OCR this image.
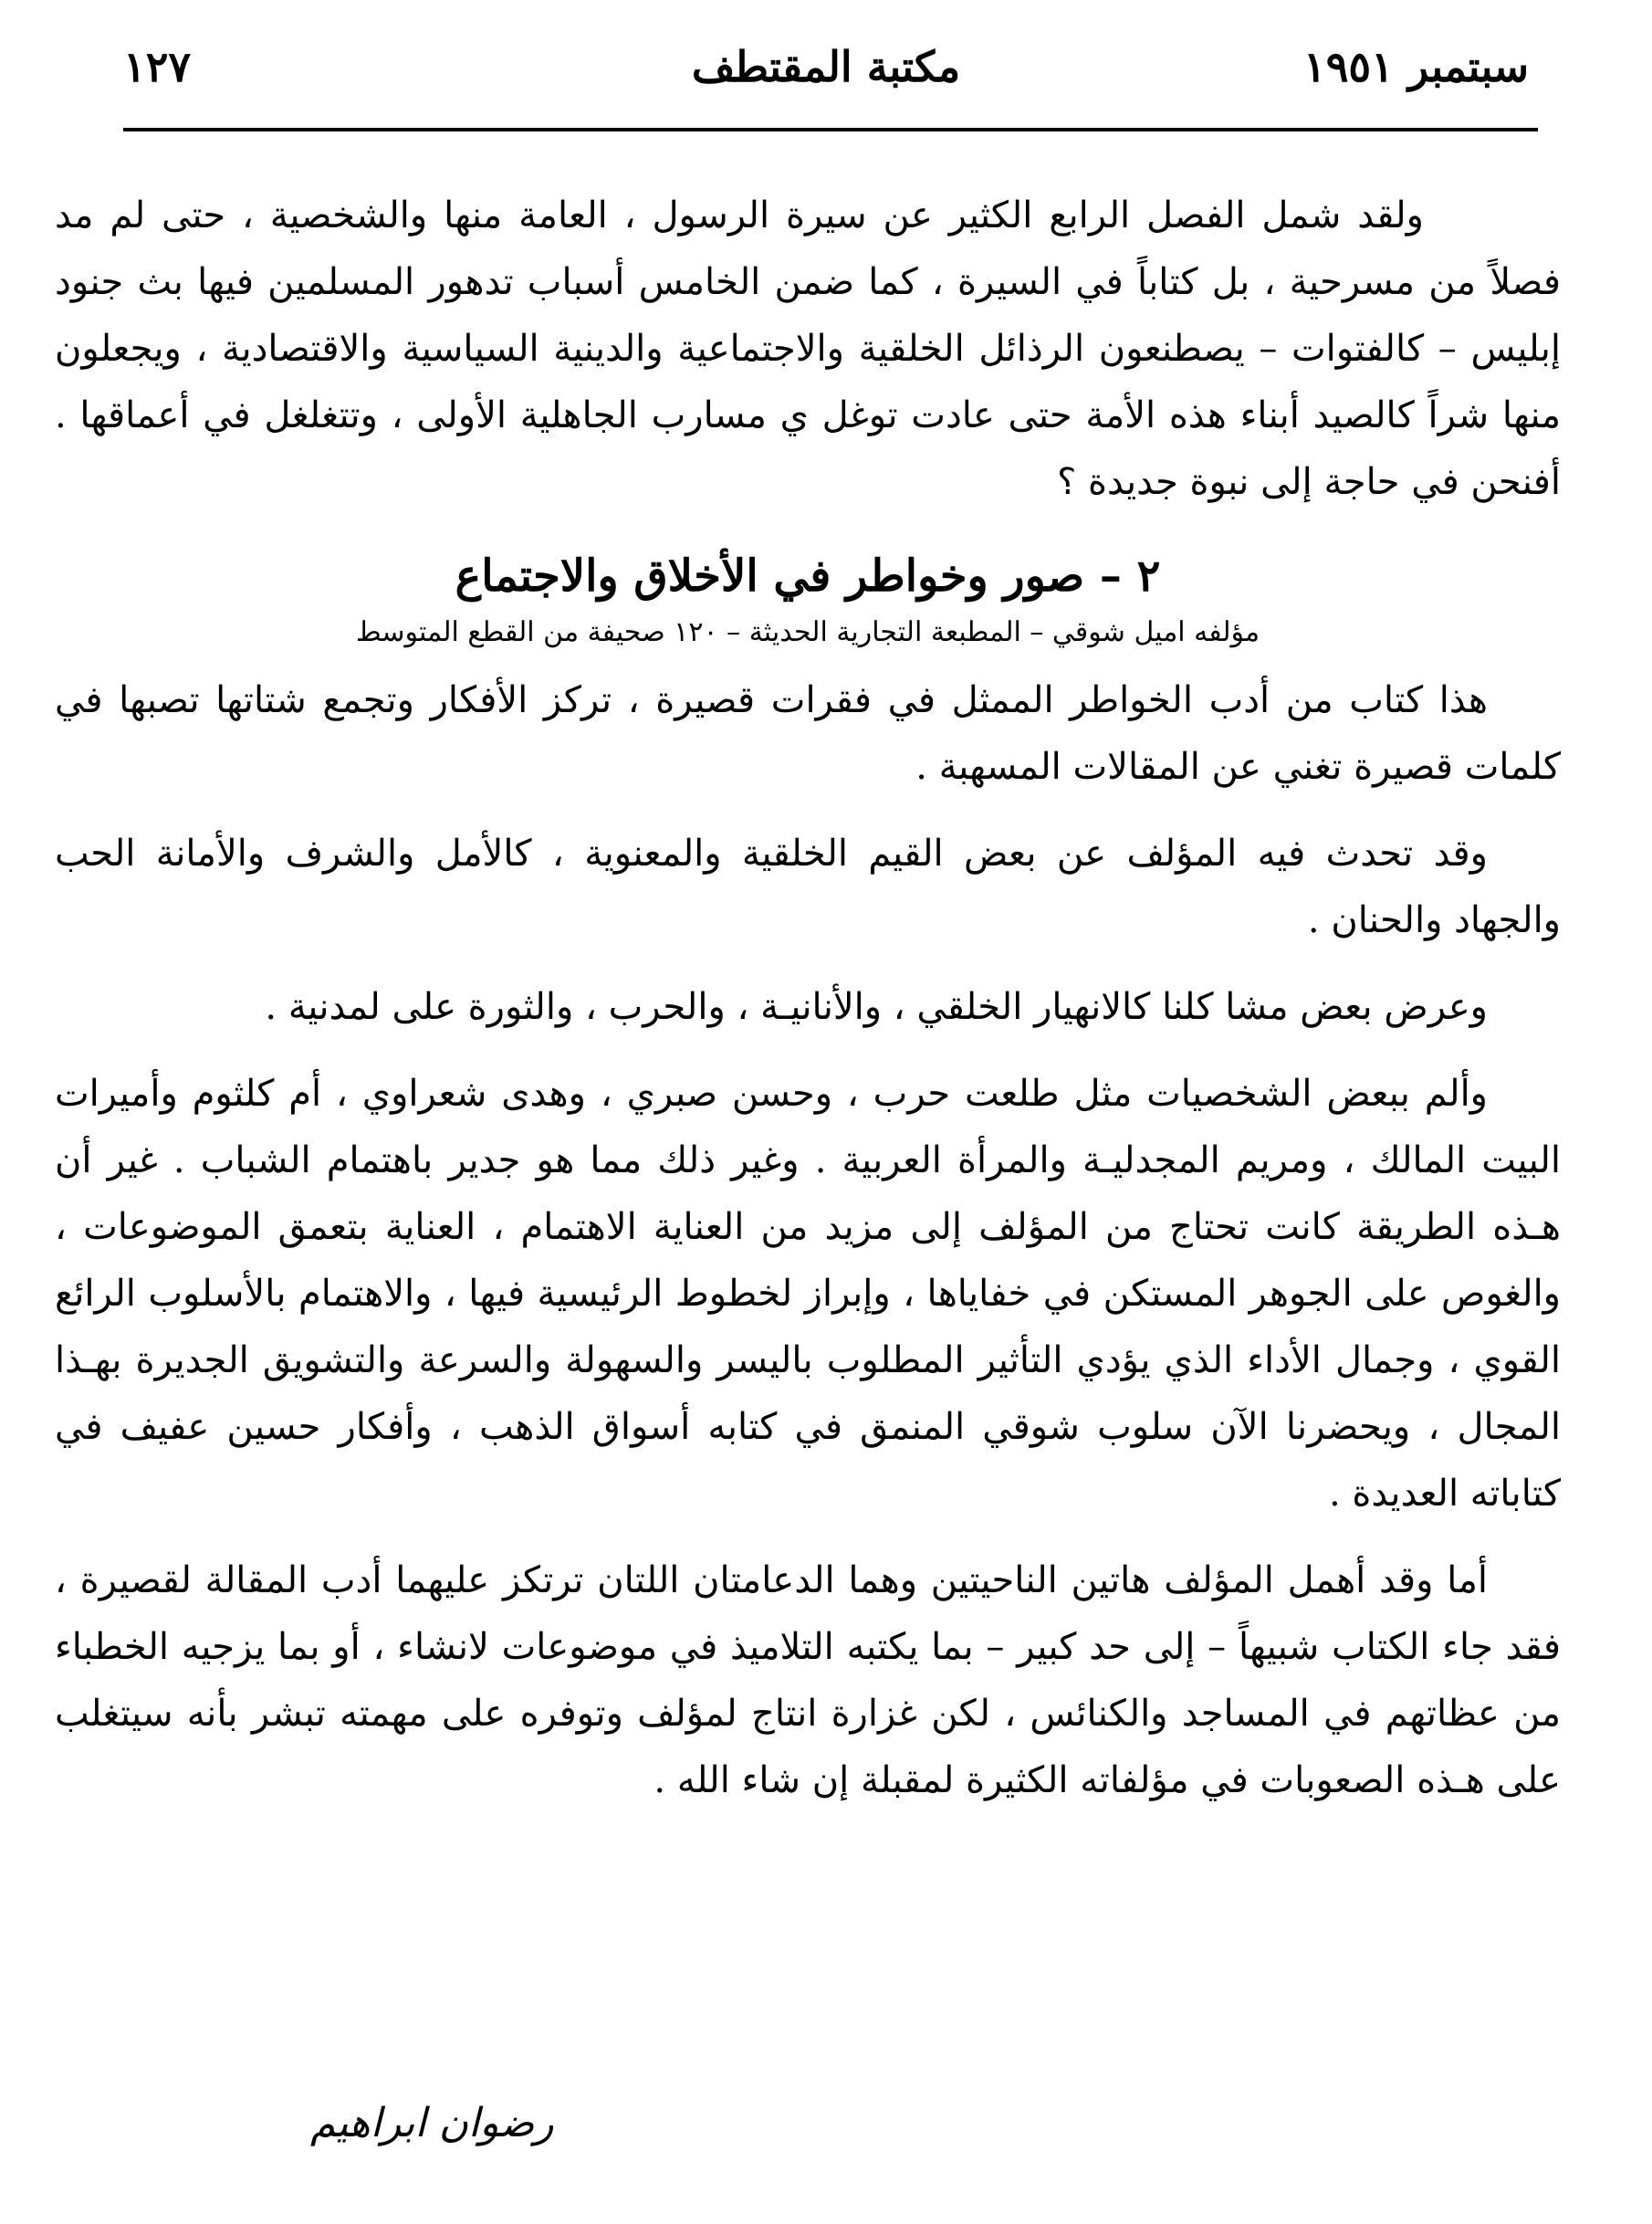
سبتمبر ١٩٥١
مكتبة المقتطف
١٢٧

ولقد شمل الفصل الرابع الكثير عن سيرة الرسول ، العامة منها والشخصية ، حتى لم مد فصلاً من مسرحية ، بل كتاباً في السيرة ، كما ضمن الخامس أسباب تدهور المسلمين فيها بث جنود إبليس – كالفتوات – يصطنعون الرذائل الخلقية والاجتماعية والدينية السياسية والاقتصادية ، ويجعلون منها شراً كالصيد أبناء هذه الأمة حتى عادت توغل ي مسارب الجاهلية الأولى ، وتتغلغل في أعماقها . أفنحن في حاجة إلى نبوة جديدة ؟

٢ – صور وخواطر في الأخلاق والاجتماع
مؤلفه اميل شوقي – المطبعة التجارية الحديثة – ١٢٠ صحيفة من القطع المتوسط

هذا كتاب من أدب الخواطر الممثل في فقرات قصيرة ، تركز الأفكار وتجمع شتاتها تصبها في كلمات قصيرة تغني عن المقالات المسهبة .

وقد تحدث فيه المؤلف عن بعض القيم الخلقية والمعنوية ، كالأمل والشرف والأمانة الحب والجهاد والحنان .

وعرض بعض مشا كلنا كالانهيار الخلقي ، والأنانيـة ، والحرب ، والثورة على لمدنية .

وألم ببعض الشخصيات مثل طلعت حرب ، وحسن صبري ، وهدى شعراوي ، أم كلثوم وأميرات البيت المالك ، ومريم المجدليـة والمرأة العربية . وغير ذلك مما هو جدير باهتمام الشباب . غير أن هـذه الطريقة كانت تحتاج من المؤلف إلى مزيد من العناية الاهتمام ، العناية بتعمق الموضوعات ، والغوص على الجوهر المستكن في خفاياها ، وإبراز لخطوط الرئيسية فيها ، والاهتمام بالأسلوب الرائع القوي ، وجمال الأداء الذي يؤدي التأثير المطلوب باليسر والسهولة والسرعة والتشويق الجديرة بهـذا المجال ، ويحضرنا الآن سلوب شوقي المنمق في كتابه أسواق الذهب ، وأفكار حسين عفيف في كتاباته العديدة .

أما وقد أهمل المؤلف هاتين الناحيتين وهما الدعامتان اللتان ترتكز عليهما أدب المقالة لقصيرة ، فقد جاء الكتاب شبيهاً – إلى حد كبير – بما يكتبه التلاميذ في موضوعات لانشاء ، أو بما يزجيه الخطباء من عظاتهم في المساجد والكنائس ، لكن غزارة انتاج لمؤلف وتوفره على مهمته تبشر بأنه سيتغلب على هـذه الصعوبات في مؤلفاته الكثيرة لمقبلة إن شاء الله .

رضوان ابراهيم
